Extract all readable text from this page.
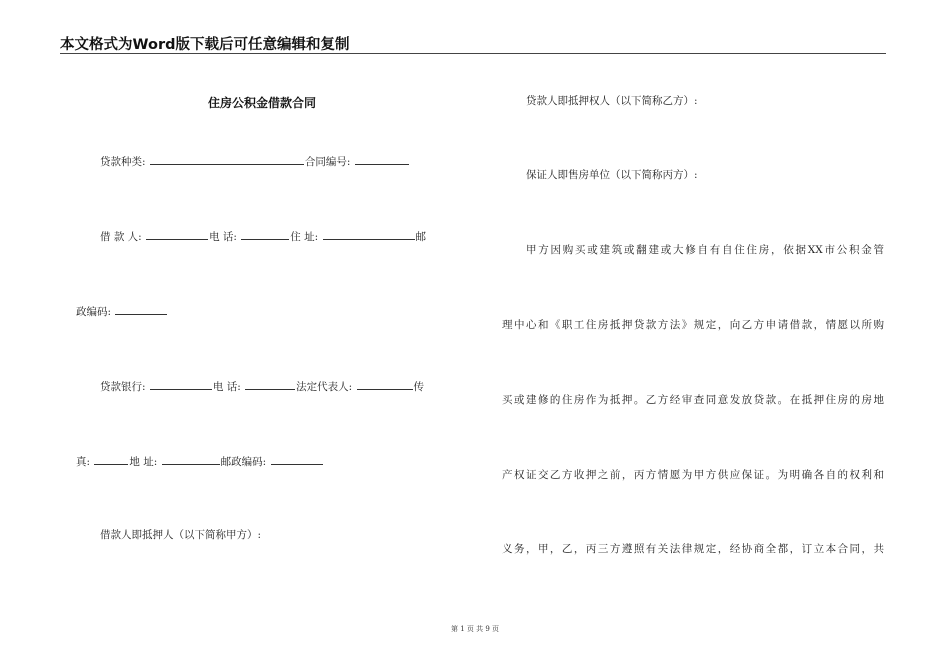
本文格式为Word版下载后可任意编辑和复制
住房公积金借款合同
贷款种类:	合同编号:
借 款 人:	电 话:	住 址:	邮
政编码:
贷款银行:	电 话:	法定代表人:	传
真:	地 址:	邮政编码:
借款人即抵押人（以下简称甲方）:
贷款人即抵押权人（以下简称乙方）:
保证人即售房单位（以下简称丙方）:
甲方因购买或建筑或翻建或大修自有自住住房，依据XX市公积金管
理中心和《职工住房抵押贷款方法》规定，向乙方申请借款，情愿以所购
买或建修的住房作为抵押。乙方经审查同意发放贷款。在抵押住房的房地
产权证交乙方收押之前，丙方情愿为甲方供应保证。为明确各自的权利和
义务，甲，乙，丙三方遵照有关法律规定，经协商全都，订立本合同，共
第 1 页 共 9 页
